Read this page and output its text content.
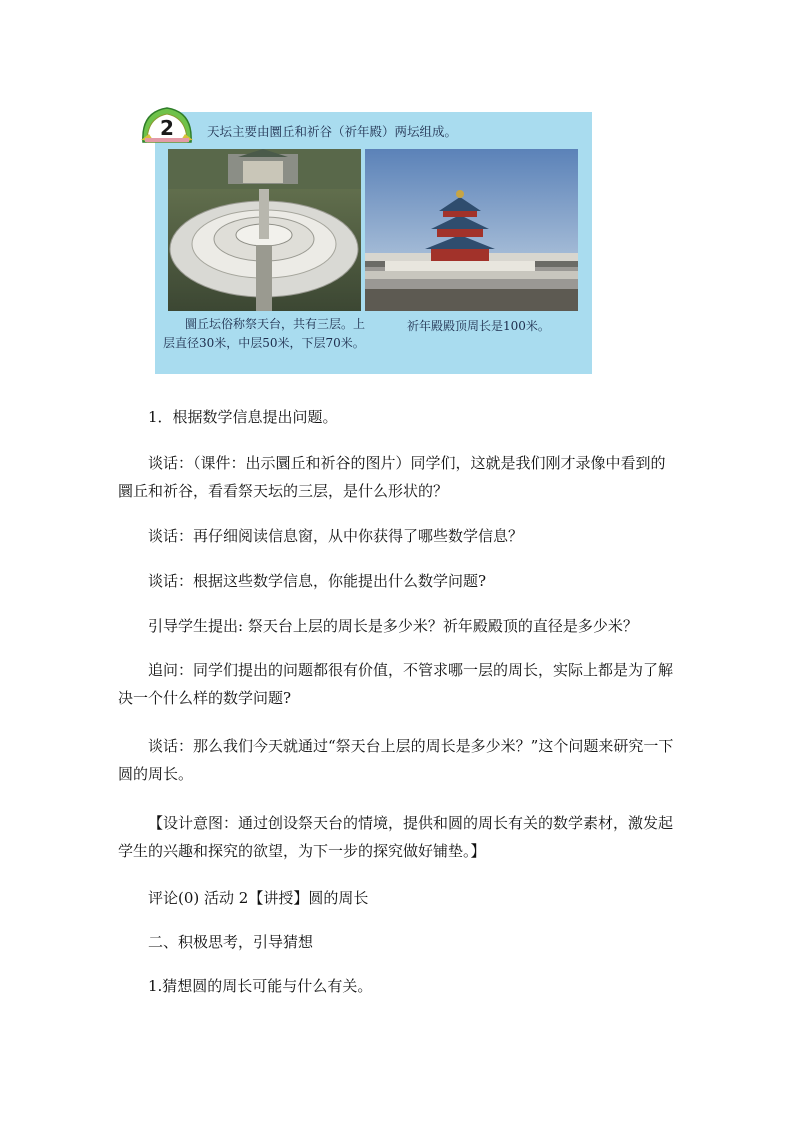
2	天坛主要由圜丘和祈谷（祈年殿）两坛组成。
圜丘坛俗称祭天台，共有三层。上层直径30米，中层50米，下层70米。
祈年殿殿顶周长是100米。

1．根据数学信息提出问题。

谈话：（课件：出示圜丘和祈谷的图片）同学们，这就是我们刚才录像中看到的圜丘和祈谷，看看祭天坛的三层，是什么形状的？

谈话：再仔细阅读信息窗，从中你获得了哪些数学信息？

谈话：根据这些数学信息，你能提出什么数学问题?

引导学生提出: 祭天台上层的周长是多少米？祈年殿殿顶的直径是多少米？

追问：同学们提出的问题都很有价值，不管求哪一层的周长，实际上都是为了解决一个什么样的数学问题?

谈话：那么我们今天就通过“祭天台上层的周长是多少米？”这个问题来研究一下圆的周长。

【设计意图：通过创设祭天台的情境，提供和圆的周长有关的数学素材，激发起学生的兴趣和探究的欲望，为下一步的探究做好铺垫。】

评论(0) 活动 2【讲授】圆的周长

二、积极思考，引导猜想

1.猜想圆的周长可能与什么有关。
